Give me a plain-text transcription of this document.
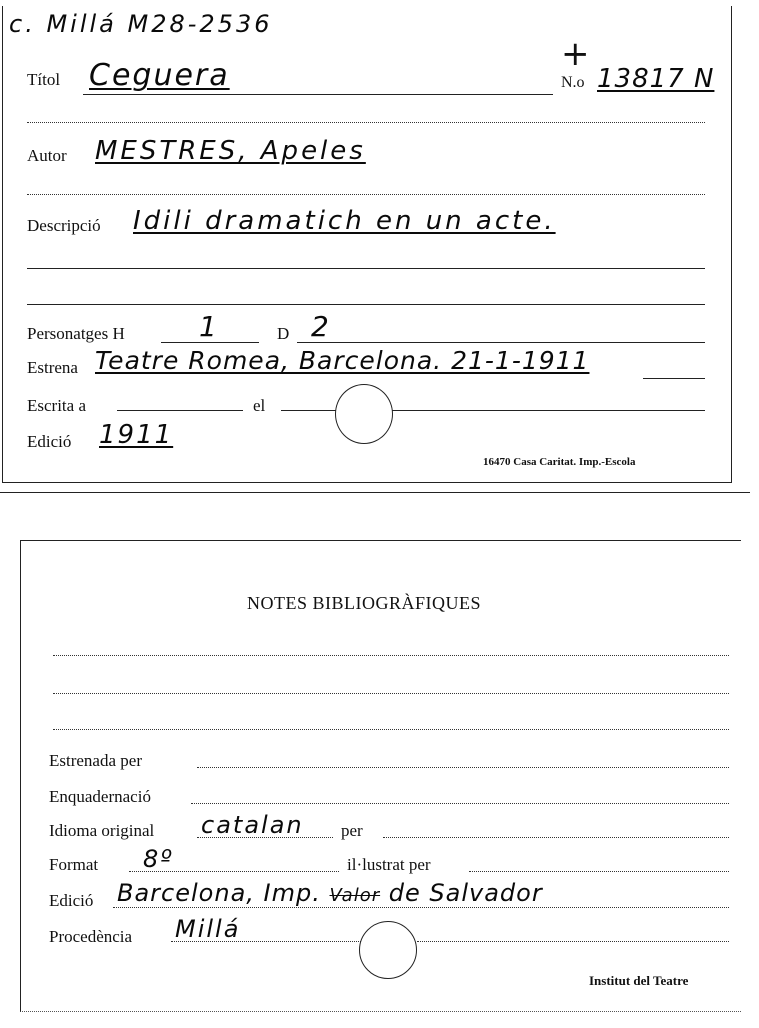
c. Millá M28-2536
+
Títol Ceguera	N.o 13817 N
Autor MESTRES, Apeles
Descripció Idili dramatich en un acte.
Personatges H	1	D 2
Estrena Teatre Romea, Barcelona. 21-1-1911
Escrita a	el
Edició 1911
16470 Casa Caritat. Imp.-Escola
NOTES BIBLIOGRÀFIQUES
Estrenada per
Enquadernació
Idioma original catalan per
Format 8º	il·lustrat per
Edició Barcelona, Imp. Valor de Salvador
Procedència Millá
Institut del Teatre
